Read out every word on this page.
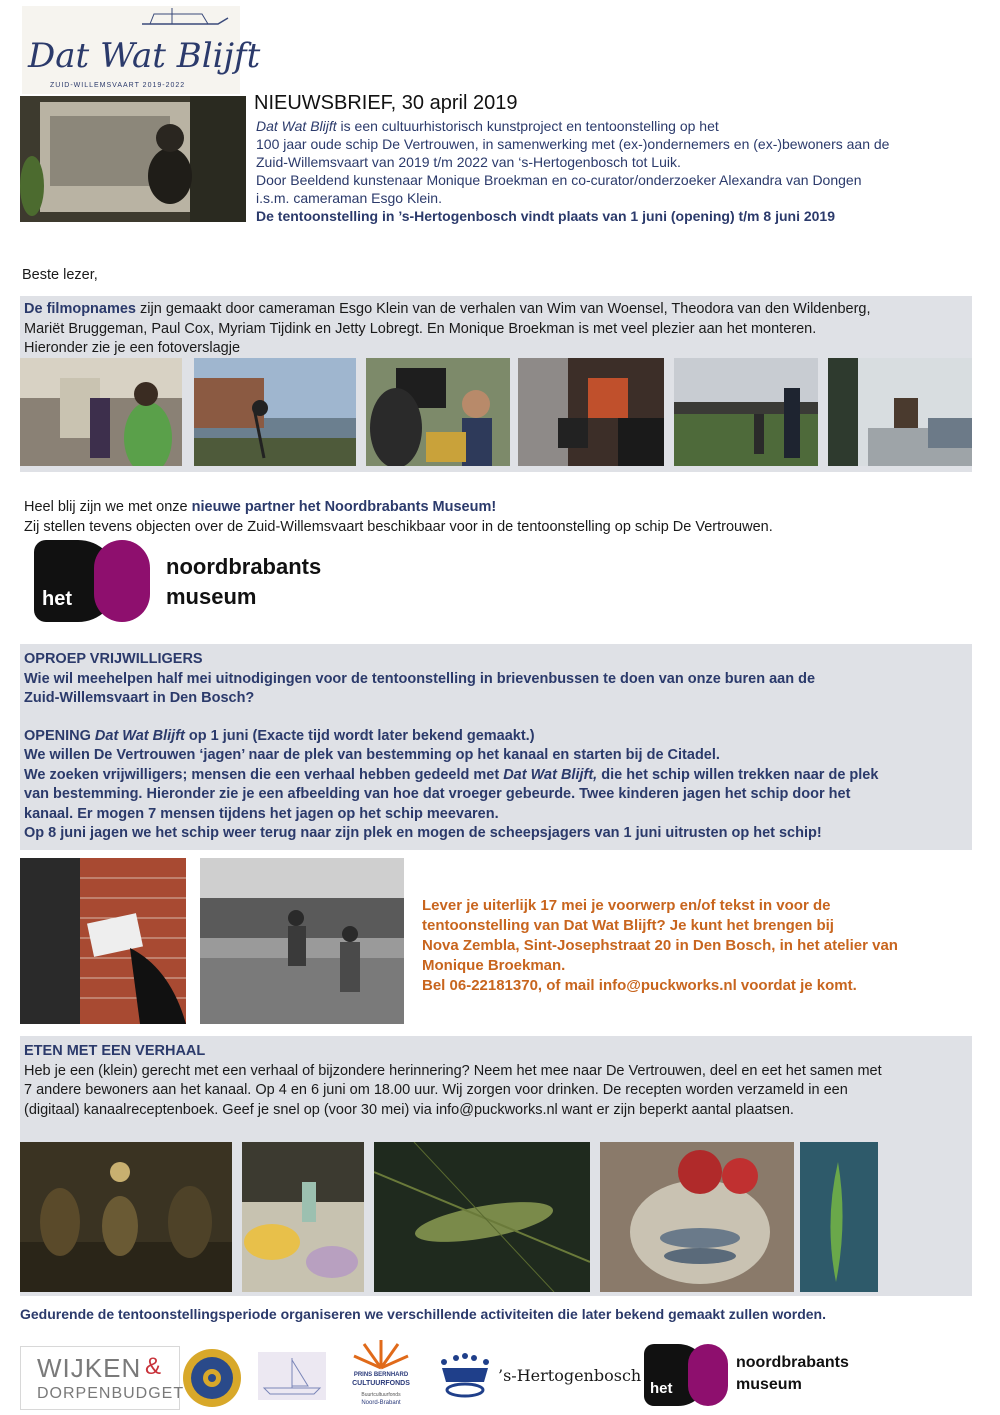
Dat Wat Blijft
ZUID-WILLEMSVAART 2019-2022
NIEUWSBRIEF, 30 april 2019

Dat Wat Blijft is een cultuurhistorisch kunstproject en tentoonstelling op het

100 jaar oude schip De Vertrouwen, in samenwerking met (ex-)ondernemers en (ex-)bewoners aan de

Zuid-Willemsvaart van 2019 t/m 2022 van ‘s-Hertogenbosch tot Luik.

Door Beeldend kunstenaar Monique Broekman en co-curator/onderzoeker Alexandra van Dongen

i.s.m. cameraman Esgo Klein.

De tentoonstelling in ’s-Hertogenbosch vindt plaats van 1 juni (opening) t/m 8 juni 2019

Beste lezer,

De filmopnames zijn gemaakt door cameraman Esgo Klein van de verhalen van Wim van Woensel, Theodora van den Wildenberg,

Mariët Bruggeman, Paul Cox, Myriam Tijdink en Jetty Lobregt. En Monique Broekman is met veel plezier aan het monteren.

Hieronder zie je een fotoverslagje

Heel blij zijn we met onze nieuwe partner het Noordbrabants Museum!

Zij stellen tevens objecten over de Zuid-Willemsvaart beschikbaar voor in de tentoonstelling op schip De Vertrouwen.

het
noordbrabants
museum

OPROEP VRIJWILLIGERS

Wie wil meehelpen half mei uitnodigingen voor de tentoonstelling in brievenbussen te doen van onze buren aan de

Zuid-Willemsvaart in Den Bosch?

OPENING Dat Wat Blijft op 1 juni (Exacte tijd wordt later bekend gemaakt.)

We willen De Vertrouwen ‘jagen’ naar de plek van bestemming op het kanaal en starten bij de Citadel.

We zoeken vrijwilligers; mensen die een verhaal hebben gedeeld met Dat Wat Blijft, die het schip willen trekken naar de plek

van bestemming. Hieronder zie je een afbeelding van hoe dat vroeger gebeurde. Twee kinderen jagen het schip door het

kanaal. Er mogen 7 mensen tijdens het jagen op het schip meevaren.

Op 8 juni jagen we het schip weer terug naar zijn plek en mogen de scheepsjagers van 1 juni uitrusten op het schip!

Lever je uiterlijk 17 mei je voorwerp en/of tekst in voor de

tentoonstelling van Dat Wat Blijft? Je kunt het brengen bij

Nova Zembla, Sint-Josephstraat 20 in Den Bosch, in het atelier van

Monique Broekman.

Bel 06-22181370, of mail info@puckworks.nl voordat je komt.

ETEN MET EEN VERHAAL

Heb je een (klein) gerecht met een verhaal of bijzondere herinnering? Neem het mee naar De Vertrouwen, deel en eet het samen met

7 andere bewoners aan het kanaal. Op 4 en 6 juni om 18.00 uur. Wij zorgen voor drinken. De recepten worden verzameld in een

(digitaal) kanaalreceptenboek. Geef je snel op (voor 30 mei) via info@puckworks.nl want er zijn beperkt aantal plaatsen.

Gedurende de tentoonstellingsperiode organiseren we verschillende activiteiten die later bekend gemaakt zullen worden.
WIJKEN &
DORPENBUDGET
PRINS BERNHARD
CULTUURFONDS
Buurtcultuurfonds
Noord-Brabant
’s-Hertogenbosch
het
noordbrabants
museum
